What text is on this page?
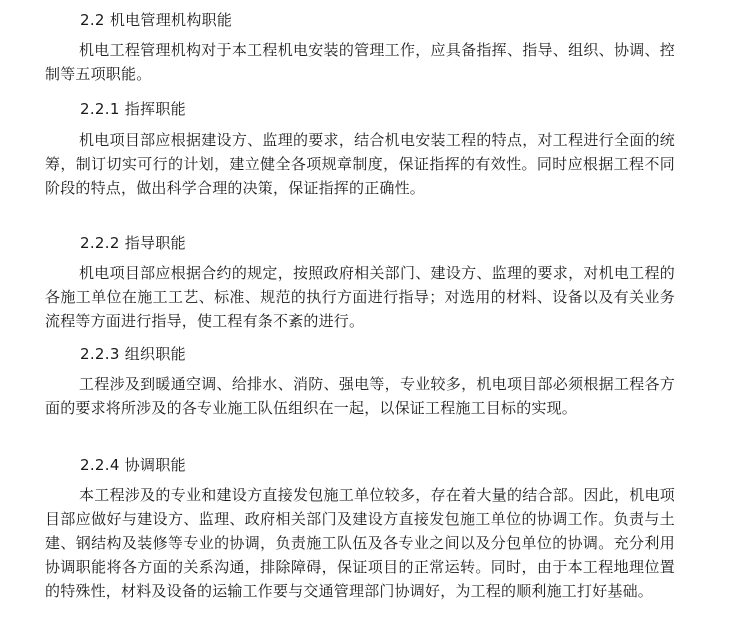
2.2 机电管理机构职能
机电工程管理机构对于本工程机电安装的管理工作，应具备指挥、指导、组织、协调、控制等五项职能。
2.2.1 指挥职能
机电项目部应根据建设方、监理的要求，结合机电安装工程的特点，对工程进行全面的统筹，制订切实可行的计划，建立健全各项规章制度，保证指挥的有效性。同时应根据工程不同阶段的特点，做出科学合理的决策，保证指挥的正确性。
2.2.2 指导职能
机电项目部应根据合约的规定，按照政府相关部门、建设方、监理的要求，对机电工程的各施工单位在施工工艺、标准、规范的执行方面进行指导；对选用的材料、设备以及有关业务流程等方面进行指导，使工程有条不紊的进行。
2.2.3 组织职能
工程涉及到暖通空调、给排水、消防、强电等，专业较多，机电项目部必须根据工程各方面的要求将所涉及的各专业施工队伍组织在一起，以保证工程施工目标的实现。
2.2.4 协调职能
本工程涉及的专业和建设方直接发包施工单位较多，存在着大量的结合部。因此，机电项目部应做好与建设方、监理、政府相关部门及建设方直接发包施工单位的协调工作。负责与土建、钢结构及装修等专业的协调，负责施工队伍及各专业之间以及分包单位的协调。充分利用协调职能将各方面的关系沟通，排除障碍，保证项目的正常运转。同时，由于本工程地理位置的特殊性，材料及设备的运输工作要与交通管理部门协调好，为工程的顺利施工打好基础。
